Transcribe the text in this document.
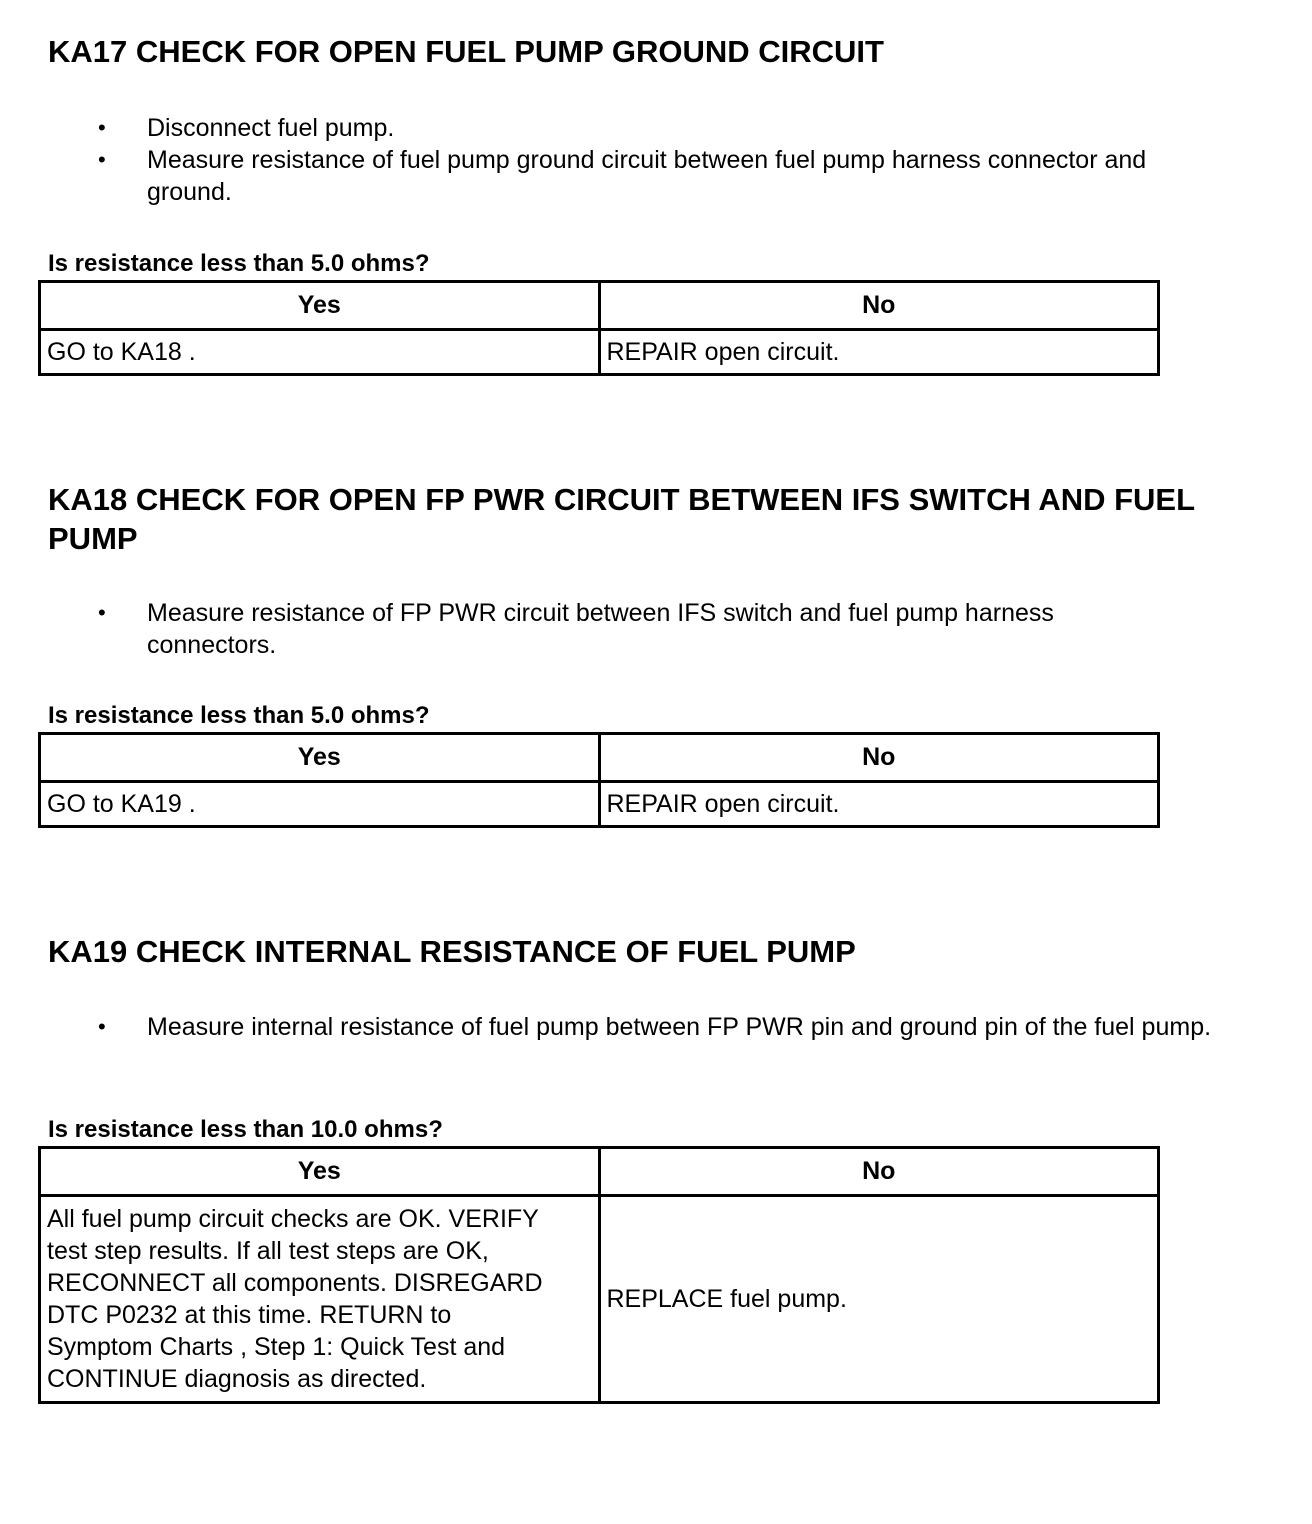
KA17 CHECK FOR OPEN FUEL PUMP GROUND CIRCUIT
• Disconnect fuel pump.
• Measure resistance of fuel pump ground circuit between fuel pump harness connector and ground.

Is resistance less than 5.0 ohms?

Yes	No
GO to KA18 .	REPAIR open circuit.
KA18 CHECK FOR OPEN FP PWR CIRCUIT BETWEEN IFS SWITCH AND FUEL PUMP
• Measure resistance of FP PWR circuit between IFS switch and fuel pump harness connectors.

Is resistance less than 5.0 ohms?

Yes	No
GO to KA19 .	REPAIR open circuit.
KA19 CHECK INTERNAL RESISTANCE OF FUEL PUMP
• Measure internal resistance of fuel pump between FP PWR pin and ground pin of the fuel pump.

Is resistance less than 10.0 ohms?

Yes	No
All fuel pump circuit checks are OK. VERIFY test step results. If all test steps are OK, RECONNECT all components. DISREGARD DTC P0232 at this time. RETURN to Symptom Charts , Step 1: Quick Test and CONTINUE diagnosis as directed.	REPLACE fuel pump.
